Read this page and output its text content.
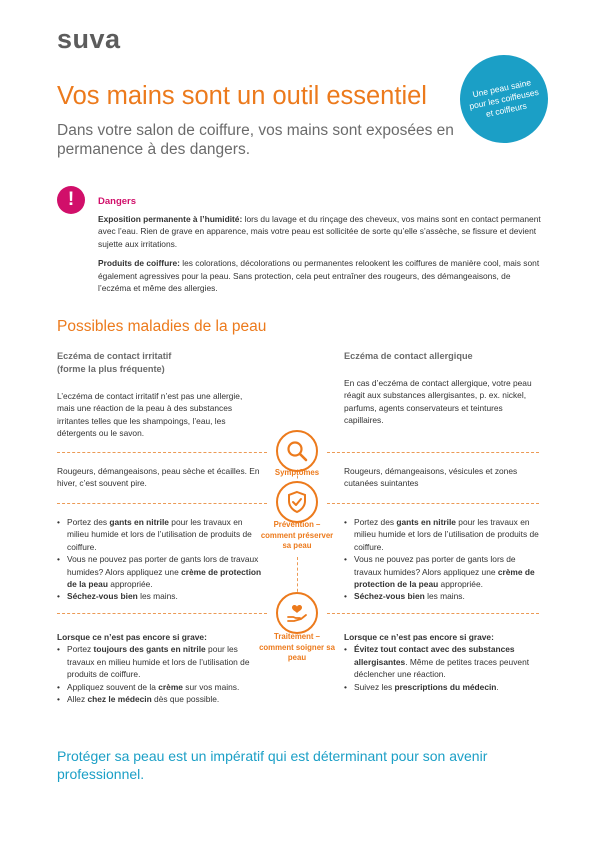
suva
Vos mains sont un outil essentiel
Dans votre salon de coiffure, vos mains sont exposées en permanence à des dangers.
Une peau saine pour les coiffeuses et coiffeurs
!	Dangers

Exposition permanente à l’humidité: lors du lavage et du rinçage des cheveux, vos mains sont en contact permanent avec l’eau. Rien de grave en apparence, mais votre peau est sollicitée de sorte qu’elle s’assèche, se fissure et devient sujette aux irritations.

Produits de coiffure: les colorations, décolorations ou permanentes relookent les coiffures de manière cool, mais sont également agressives pour la peau. Sans protection, cela peut entraîner des rougeurs, des démangeaisons, de l’eczéma et même des allergies.

Possibles maladies de la peau
Eczéma de contact irritatif
(forme la plus fréquente)
Eczéma de contact allergique
L’eczéma de contact irritatif n’est pas une allergie, mais une réaction de la peau à des substances irritantes telles que les shampoings, l’eau, les détergents ou le savon.
En cas d’eczéma de contact allergique, votre peau réagit aux substances allergisantes, p. ex. nickel, parfums, agents conservateurs et teintures capillaires.
Symptômes
Prévention – comment préserver sa peau
Traitement – comment soigner sa peau
Rougeurs, démangeaisons, peau sèche et écailles. En hiver, c’est souvent pire.
Rougeurs, démangeaisons, vésicules et zones cutanées suintantes
• Portez des gants en nitrile pour les travaux en milieu humide et lors de l’utilisation de produits de coiffure.
• Vous ne pouvez pas porter de gants lors de travaux humides? Alors appliquez une crème de protection de la peau appropriée.
• Séchez-vous bien les mains.
• Portez des gants en nitrile pour les travaux en milieu humide et lors de l’utilisation de produits de coiffure.
• Vous ne pouvez pas porter de gants lors de travaux humides? Alors appliquez une crème de protection de la peau appropriée.
• Séchez-vous bien les mains.
Lorsque ce n’est pas encore si grave:
• Portez toujours des gants en nitrile pour les travaux en milieu humide et lors de l’utilisation de produits de coiffure.
• Appliquez souvent de la crème sur vos mains.
• Allez chez le médecin dès que possible.
Lorsque ce n’est pas encore si grave:
• Évitez tout contact avec des substances allergisantes. Même de petites traces peuvent déclencher une réaction.
• Suivez les prescriptions du médecin.
Protéger sa peau est un impératif qui est déterminant pour son avenir professionnel.
